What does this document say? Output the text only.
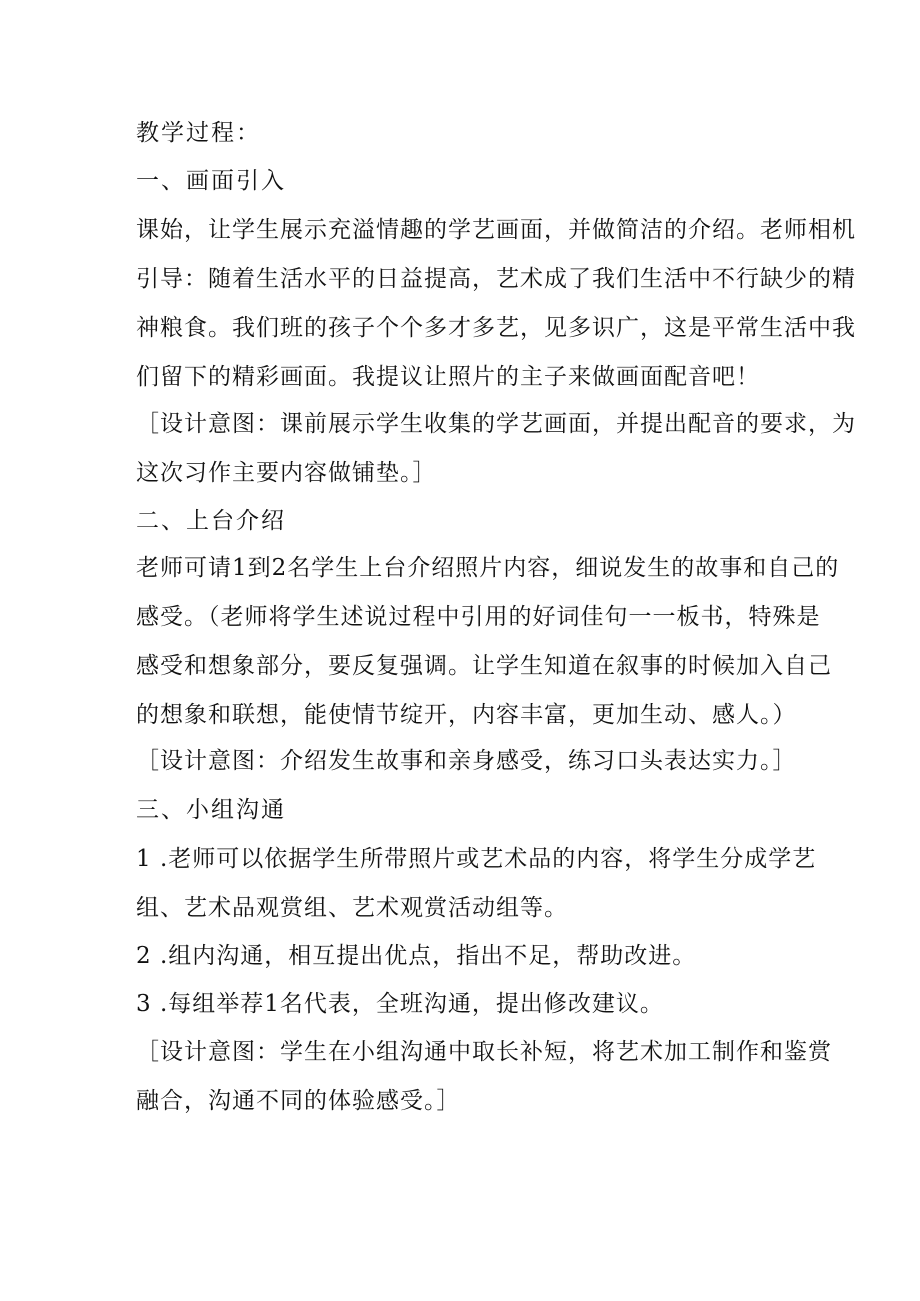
教学过程：
一、画面引入
课始，让学生展示充溢情趣的学艺画面，并做简洁的介绍。老师相机
引导：随着生活水平的日益提高，艺术成了我们生活中不行缺少的精
神粮食。我们班的孩子个个多才多艺，见多识广，这是平常生活中我
们留下的精彩画面。我提议让照片的主子来做画面配音吧！
［设计意图：课前展示学生收集的学艺画面，并提出配音的要求，为
这次习作主要内容做铺垫。］
二、上台介绍
老师可请1到2名学生上台介绍照片内容，细说发生的故事和自己的
感受。（老师将学生述说过程中引用的好词佳句一一板书，特殊是
感受和想象部分，要反复强调。让学生知道在叙事的时候加入自己
的想象和联想，能使情节绽开，内容丰富，更加生动、感人。）
［设计意图：介绍发生故事和亲身感受，练习口头表达实力。］
三、小组沟通
1 .老师可以依据学生所带照片或艺术品的内容，将学生分成学艺
组、艺术品观赏组、艺术观赏活动组等。
2 .组内沟通，相互提出优点，指出不足，帮助改进。
3 .每组举荐1名代表，全班沟通，提出修改建议。
［设计意图：学生在小组沟通中取长补短，将艺术加工制作和鉴赏
融合，沟通不同的体验感受。］
